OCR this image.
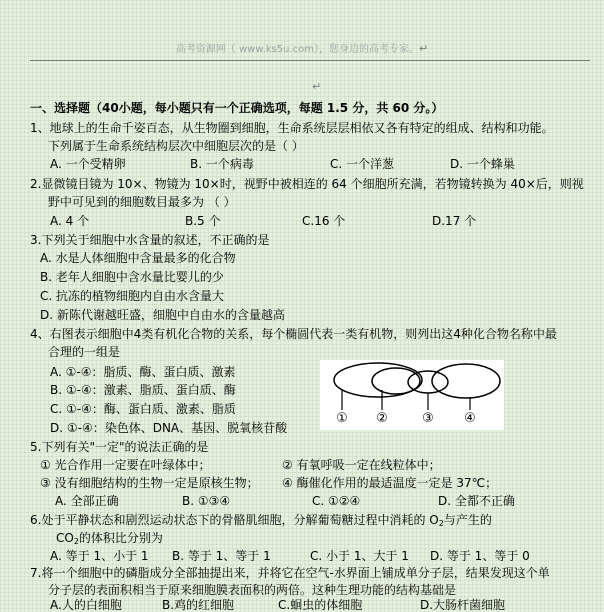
高考资源网（ www.ks5u.com），您身边的高考专家。↵
↵
一、选择题（40小题，每小题只有一个正确选项，每题 1.5 分，共 60 分。）
1、地球上的生命千姿百态，从生物圈到细胞，生命系统层层相依又各有特定的组成、结构和功能。
下列属于生命系统结构层次中细胞层次的是（ ）
A. 一个受精卵	B. 一个病毒	C. 一个洋葱	D. 一个蜂巢
2.显微镜目镜为 10×、物镜为 10×时，视野中被相连的 64 个细胞所充满，若物镜转换为 40×后，则视
野中可见到的细胞数目最多为 （ ）
A. 4 个	B.5 个	C.16 个	D.17 个
3.下列关于细胞中水含量的叙述，不正确的是
A. 水是人体细胞中含量最多的化合物
B. 老年人细胞中含水量比婴儿的少
C. 抗冻的植物细胞内自由水含量大
D. 新陈代谢越旺盛，细胞中自由水的含量越高
4、右图表示细胞中4类有机化合物的关系，每个椭圆代表一类有机物，则列出这4种化合物名称中最
合理的一组是
A. ①-④：脂质、酶、蛋白质、激素
B. ①-④：激素、脂质、蛋白质、酶
C. ①-④：酶、蛋白质、激素、脂质
D. ①-④：染色体、DNA、基因、脱氧核苷酸
① ②	③ ④
5.下列有关"一定"的说法正确的是
① 光合作用一定要在叶绿体中；	② 有氧呼吸一定在线粒体中；
③ 没有细胞结构的生物一定是原核生物； ④ 酶催化作用的最适温度一定是 37℃；
A. 全部正确	B. ①③④	C. ①②④	D. 全都不正确
6.处于平静状态和剧烈运动状态下的骨骼肌细胞，分解葡萄糖过程中消耗的 $O_2$与产生的
$CO_2$的体积比分别为
A. 等于 1、小于 1 B. 等于 1、等于 1	C. 小于 1、大于 1 D. 等于 1、等于 0
7.将一个细胞中的磷脂成分全部抽提出来，并将它在空气-水界面上铺成单分子层，结果发现这个单
分子层的表面积相当于原来细胞膜表面积的两倍。这种生理功能的结构基础是
A.人的白细胞	B.鸡的红细胞	C.蛔虫的体细胞	D.大肠杆菌细胞
